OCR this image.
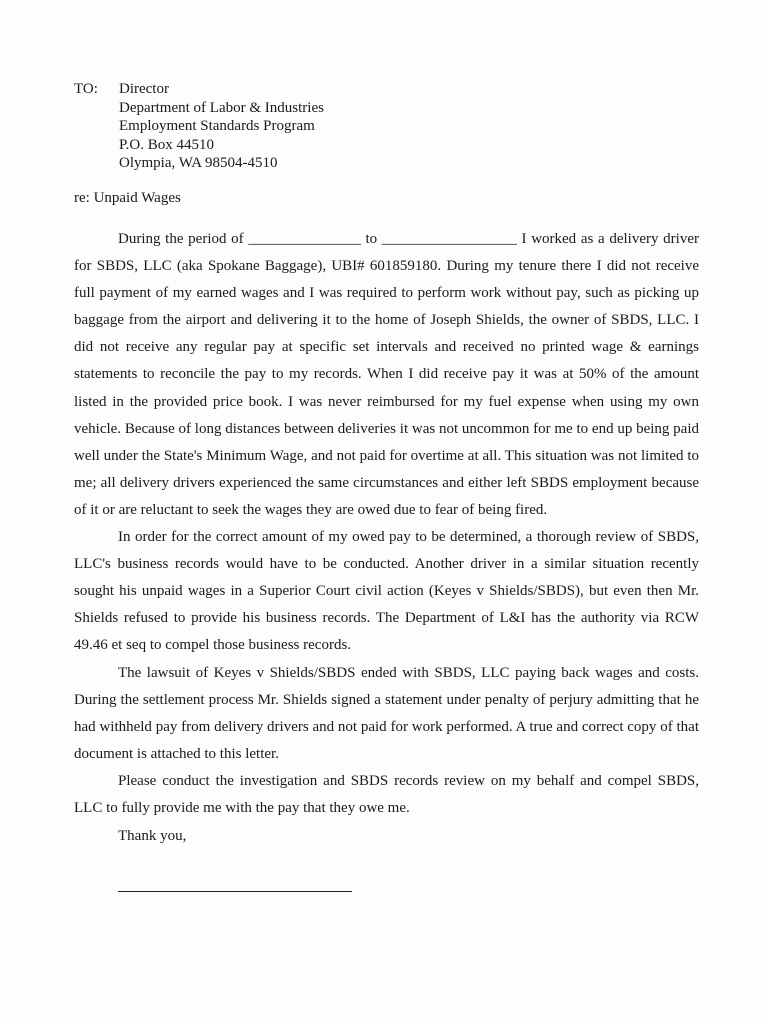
TO: Director
Department of Labor & Industries
Employment Standards Program
P.O. Box 44510
Olympia, WA 98504-4510
re: Unpaid Wages

During the period of _______________ to __________________ I worked as a delivery driver for SBDS, LLC (aka Spokane Baggage), UBI# 601859180. During my tenure there I did not receive full payment of my earned wages and I was required to perform work without pay, such as picking up baggage from the airport and delivering it to the home of Joseph Shields, the owner of SBDS, LLC. I did not receive any regular pay at specific set intervals and received no printed wage & earnings statements to reconcile the pay to my records. When I did receive pay it was at 50% of the amount listed in the provided price book. I was never reimbursed for my fuel expense when using my own vehicle. Because of long distances between deliveries it was not uncommon for me to end up being paid well under the State's Minimum Wage, and not paid for overtime at all. This situation was not limited to me; all delivery drivers experienced the same circumstances and either left SBDS employment because of it or are reluctant to seek the wages they are owed due to fear of being fired.

In order for the correct amount of my owed pay to be determined, a thorough review of SBDS, LLC's business records would have to be conducted. Another driver in a similar situation recently sought his unpaid wages in a Superior Court civil action (Keyes v Shields/SBDS), but even then Mr. Shields refused to provide his business records. The Department of L&I has the authority via RCW 49.46 et seq to compel those business records.

The lawsuit of Keyes v Shields/SBDS ended with SBDS, LLC paying back wages and costs. During the settlement process Mr. Shields signed a statement under penalty of perjury admitting that he had withheld pay from delivery drivers and not paid for work performed. A true and correct copy of that document is attached to this letter.

Please conduct the investigation and SBDS records review on my behalf and compel SBDS, LLC to fully provide me with the pay that they owe me.

Thank you,
